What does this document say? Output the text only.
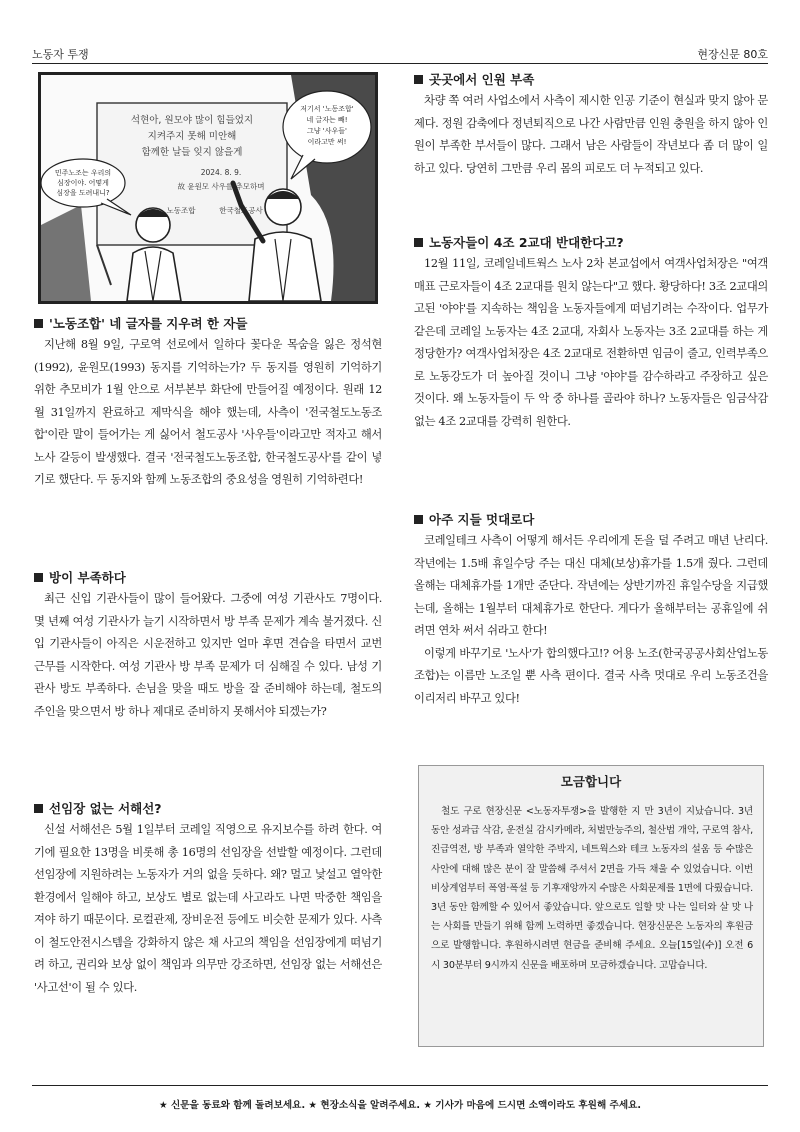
노동자 투쟁	현장신문 80호
석현아, 원모야 많이 힘들었지
지켜주지 못해 미안해
함께한 날들 잊지 않을게
2024. 8. 9.
故 윤원모 사우를 추모하며
노동조합	한국철도공사
민주노조는 우리의
심장이야. 어떻게
심장을 도려내니?
저기서 '노동조합'
네 글자는 빼!
그냥 '사우들'
이라고만 써!
'노동조합' 네 글자를 지우려 한 자들

지난해 8월 9일, 구로역 선로에서 일하다 꽃다운 목숨을 잃은 정석현(1992), 윤원모(1993) 동지를 기억하는가? 두 동지를 영원히 기억하기 위한 추모비가 1월 안으로 서부본부 화단에 만들어질 예정이다. 원래 12월 31일까지 완료하고 제막식을 해야 했는데, 사측이 '전국철도노동조합'이란 말이 들어가는 게 싫어서 철도공사 '사우들'이라고만 적자고 해서 노사 갈등이 발생했다. 결국 '전국철도노동조합, 한국철도공사'를 같이 넣기로 했단다. 두 동지와 함께 노동조합의 중요성을 영원히 기억하련다!

방이 부족하다

최근 신입 기관사들이 많이 들어왔다. 그중에 여성 기관사도 7명이다. 몇 년째 여성 기관사가 늘기 시작하면서 방 부족 문제가 계속 불거졌다. 신입 기관사들이 아직은 시운전하고 있지만 얼마 후면 견습을 타면서 교번 근무를 시작한다. 여성 기관사 방 부족 문제가 더 심해질 수 있다. 남성 기관사 방도 부족하다. 손님을 맞을 때도 방을 잘 준비해야 하는데, 철도의 주인을 맞으면서 방 하나 제대로 준비하지 못해서야 되겠는가?

선임장 없는 서해선?

신설 서해선은 5월 1일부터 코레일 직영으로 유지보수를 하려 한다. 여기에 필요한 13명을 비롯해 총 16명의 선임장을 선발할 예정이다. 그런데 선임장에 지원하려는 노동자가 거의 없을 듯하다. 왜? 멀고 낯설고 열악한 환경에서 일해야 하고, 보상도 별로 없는데 사고라도 나면 막중한 책임을 져야 하기 때문이다. 로컬관제, 장비운전 등에도 비슷한 문제가 있다. 사측이 철도안전시스템을 강화하지 않은 채 사고의 책임을 선임장에게 떠넘기려 하고, 권리와 보상 없이 책임과 의무만 강조하면, 선임장 없는 서해선은 '사고선'이 될 수 있다.

곳곳에서 인원 부족

차량 쪽 여러 사업소에서 사측이 제시한 인공 기준이 현실과 맞지 않아 문제다. 정원 감축에다 정년퇴직으로 나간 사람만큼 인원 충원을 하지 않아 인원이 부족한 부서들이 많다. 그래서 남은 사람들이 작년보다 좀 더 많이 일하고 있다. 당연히 그만큼 우리 몸의 피로도 더 누적되고 있다.

노동자들이 4조 2교대 반대한다고?

12월 11일, 코레일네트웍스 노사 2차 본교섭에서 여객사업처장은 "여객 매표 근로자들이 4조 2교대를 원치 않는다"고 했다. 황당하다! 3조 2교대의 고된 '야야'를 지속하는 책임을 노동자들에게 떠넘기려는 수작이다. 업무가 같은데 코레일 노동자는 4조 2교대, 자회사 노동자는 3조 2교대를 하는 게 정당한가? 여객사업처장은 4조 2교대로 전환하면 임금이 줄고, 인력부족으로 노동강도가 더 높아질 것이니 그냥 '야야'를 감수하라고 주장하고 싶은 것이다. 왜 노동자들이 두 악 중 하나를 골라야 하나? 노동자들은 임금삭감 없는 4조 2교대를 강력히 원한다.

아주 지들 멋대로다

코레일테크 사측이 어떻게 해서든 우리에게 돈을 덜 주려고 매년 난리다. 작년에는 1.5배 휴일수당 주는 대신 대체(보상)휴가를 1.5개 줬다. 그런데 올해는 대체휴가를 1개만 준단다. 작년에는 상반기까진 휴일수당을 지급했는데, 올해는 1월부터 대체휴가로 한단다. 게다가 올해부터는 공휴일에 쉬려면 연차 써서 쉬라고 한다!

이렇게 바꾸기로 '노사'가 합의했다고!? 어용 노조(한국공공사회산업노동조합)는 이름만 노조일 뿐 사측 편이다. 결국 사측 멋대로 우리 노동조건을 이리저리 바꾸고 있다!

모금합니다

철도 구로 현장신문 <노동자투쟁>을 발행한 지 만 3년이 지났습니다. 3년 동안 성과급 삭감, 운전실 감시카메라, 처벌만능주의, 철산법 개악, 구로역 참사, 진급역전, 방 부족과 열악한 주박지, 네트웍스와 테크 노동자의 설움 등 수많은 사안에 대해 많은 분이 잘 말씀해 주셔서 2면을 가득 채울 수 있었습니다. 이번 비상계엄부터 폭염·폭설 등 기후재앙까지 수많은 사회문제를 1면에 다뤘습니다. 3년 동안 함께할 수 있어서 좋았습니다. 앞으로도 일할 맛 나는 일터와 살 맛 나는 사회를 만들기 위해 함께 노력하면 좋겠습니다. 현장신문은 노동자의 후원금으로 발행합니다. 후원하시려면 현금을 준비해 주세요. 오늘[15일(수)] 오전 6시 30분부터 9시까지 신문을 배포하며 모금하겠습니다. 고맙습니다.

★ 신문을 동료와 함께 돌려보세요. ★ 현장소식을 알려주세요. ★ 기사가 마음에 드시면 소액이라도 후원해 주세요.
